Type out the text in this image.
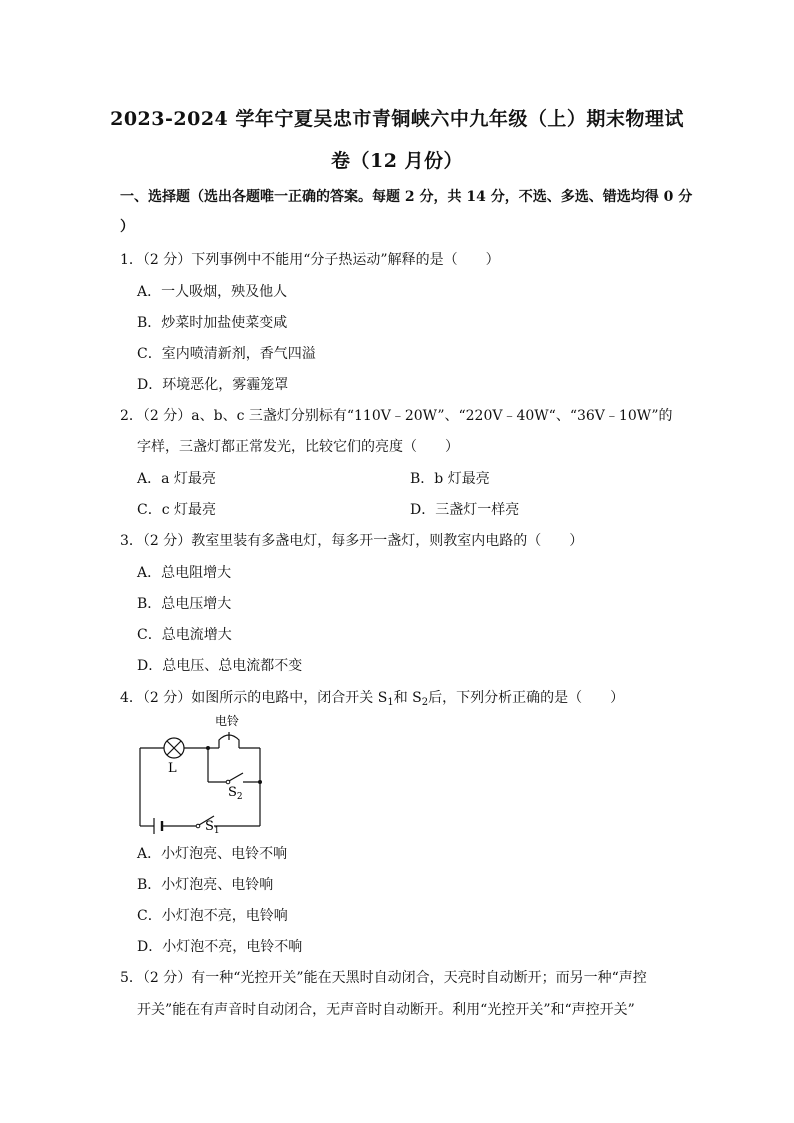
2023-2024 学年宁夏吴忠市青铜峡六中九年级（上）期末物理试
卷（12 月份）
一、选择题（选出各题唯一正确的答案。每题 2 分，共 14 分，不选、多选、错选均得 0 分
）
1．（2 分）下列事例中不能用“分子热运动”解释的是（　　）
A．一人吸烟，殃及他人
B．炒菜时加盐使菜变咸
C．室内喷清新剂，香气四溢
D．环境恶化，雾霾笼罩
2．（2 分）a、b、c 三盏灯分别标有“110V﹣20W”、“220V﹣40W“、“36V﹣10W”的
字样，三盏灯都正常发光，比较它们的亮度（　　）
A．a 灯最亮	B．b 灯最亮
C．c 灯最亮	D．三盏灯一样亮
3．（2 分）教室里装有多盏电灯，每多开一盏灯，则教室内电路的（　　）
A．总电阻增大
B．总电压增大
C．总电流增大
D．总电压、总电流都不变
4．（2 分）如图所示的电路中，闭合开关 $S_1$和 $S_2$后，下列分析正确的是（　　）
电铃
L
$S_2$
$S_1$
A．小灯泡亮、电铃不响
B．小灯泡亮、电铃响
C．小灯泡不亮，电铃响
D．小灯泡不亮，电铃不响
5．（2 分）有一种“光控开关”能在天黑时自动闭合，天亮时自动断开；而另一种“声控
开关”能在有声音时自动闭合，无声音时自动断开。利用“光控开关”和“声控开关”
